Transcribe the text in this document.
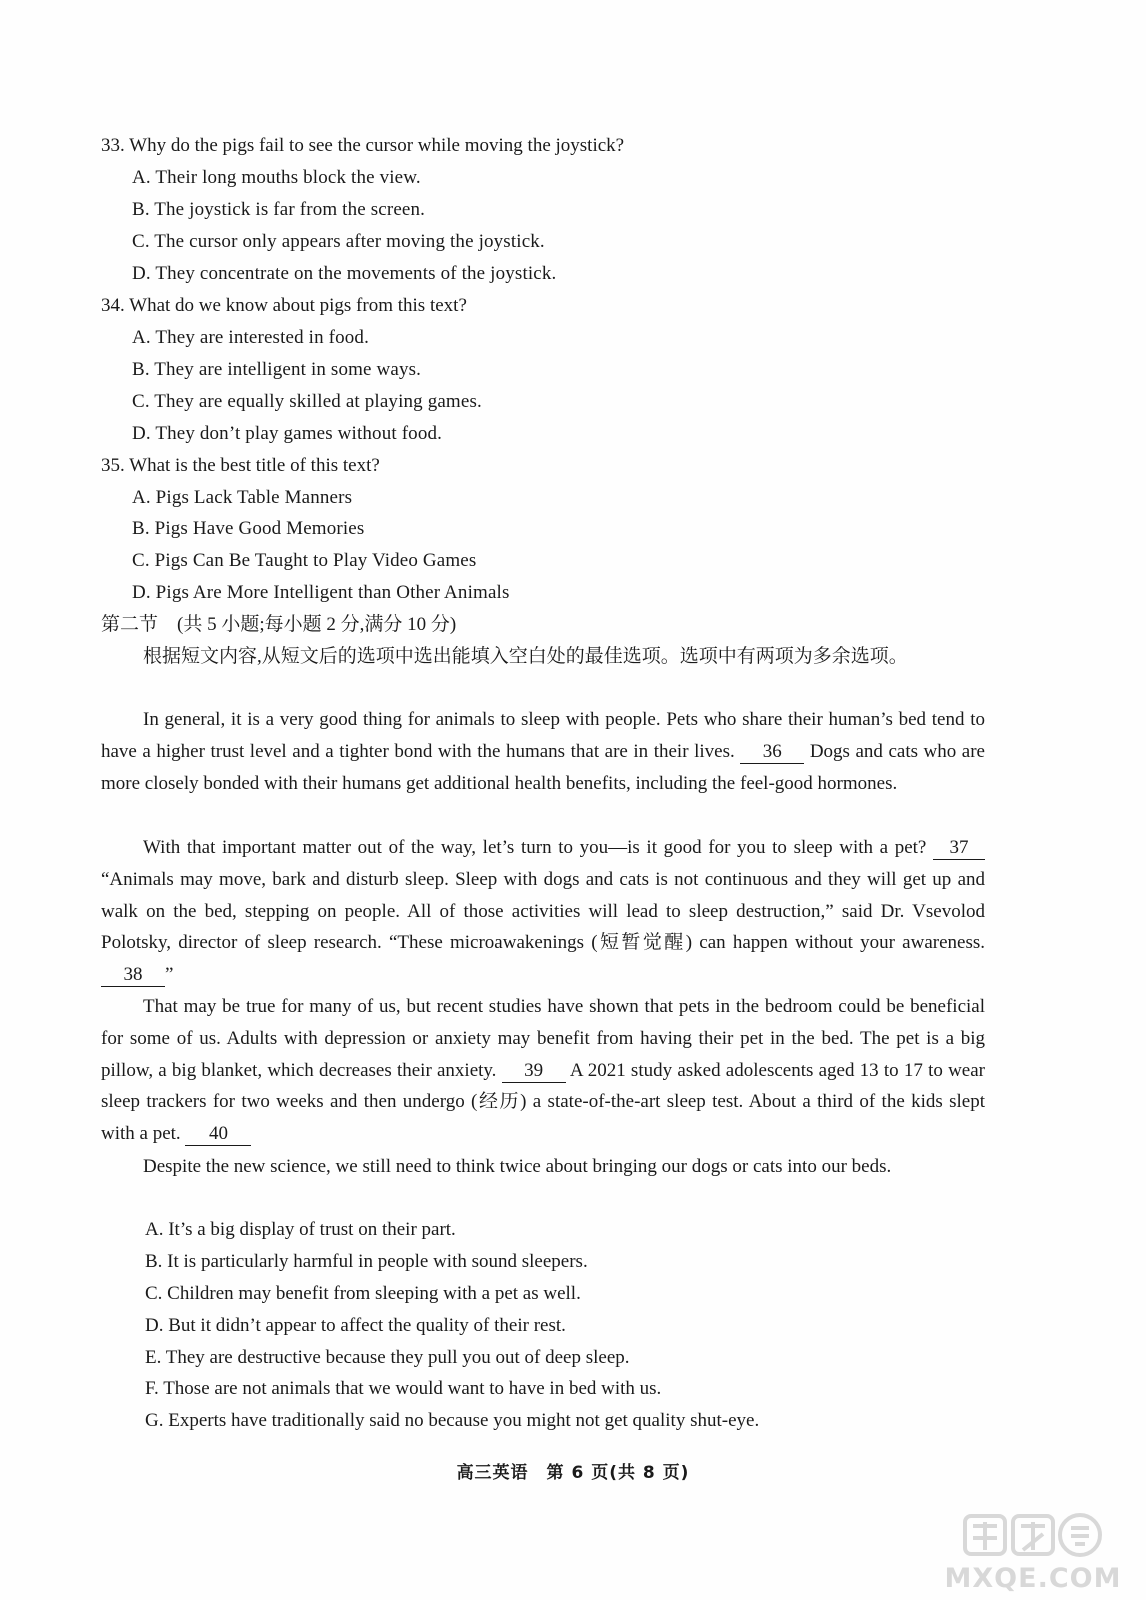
33. Why do the pigs fail to see the cursor while moving the joystick?
A. Their long mouths block the view.
B. The joystick is far from the screen.
C. The cursor only appears after moving the joystick.
D. They concentrate on the movements of the joystick.
34. What do we know about pigs from this text?
A. They are interested in food.
B. They are intelligent in some ways.
C. They are equally skilled at playing games.
D. They don’t play games without food.
35. What is the best title of this text?
A. Pigs Lack Table Manners
B. Pigs Have Good Memories
C. Pigs Can Be Taught to Play Video Games
D. Pigs Are More Intelligent than Other Animals
第二节　(共 5 小题;每小题 2 分,满分 10 分)

根据短文内容,从短文后的选项中选出能填入空白处的最佳选项。选项中有两项为多余选项。

In general, it is a very good thing for animals to sleep with people. Pets who share their human’s bed tend to have a higher trust level and a tighter bond with the humans that are in their lives. 36 Dogs and cats who are more closely bonded with their humans get additional health benefits, including the feel-good hormones.

With that important matter out of the way, let’s turn to you—is it good for you to sleep with a pet? 37 “Animals may move, bark and disturb sleep. Sleep with dogs and cats is not continuous and they will get up and walk on the bed, stepping on people. All of those activities will lead to sleep destruction,” said Dr. Vsevolod Polotsky, director of sleep research. “These microawakenings (短暂觉醒) can happen without your awareness. 38 ”

That may be true for many of us, but recent studies have shown that pets in the bedroom could be beneficial for some of us. Adults with depression or anxiety may benefit from having their pet in the bed. The pet is a big pillow, a big blanket, which decreases their anxiety. 39 A 2021 study asked adolescents aged 13 to 17 to wear sleep trackers for two weeks and then undergo (经历) a state-of-the-art sleep test. About a third of the kids slept with a pet. 40

Despite the new science, we still need to think twice about bringing our dogs or cats into our beds.

A. It’s a big display of trust on their part.
B. It is particularly harmful in people with sound sleepers.
C. Children may benefit from sleeping with a pet as well.
D. But it didn’t appear to affect the quality of their rest.
E. They are destructive because they pull you out of deep sleep.
F. Those are not animals that we would want to have in bed with us.
G. Experts have traditionally said no because you might not get quality shut-eye.
高三英语　第 6 页(共 8 页)
MXQE.COM
